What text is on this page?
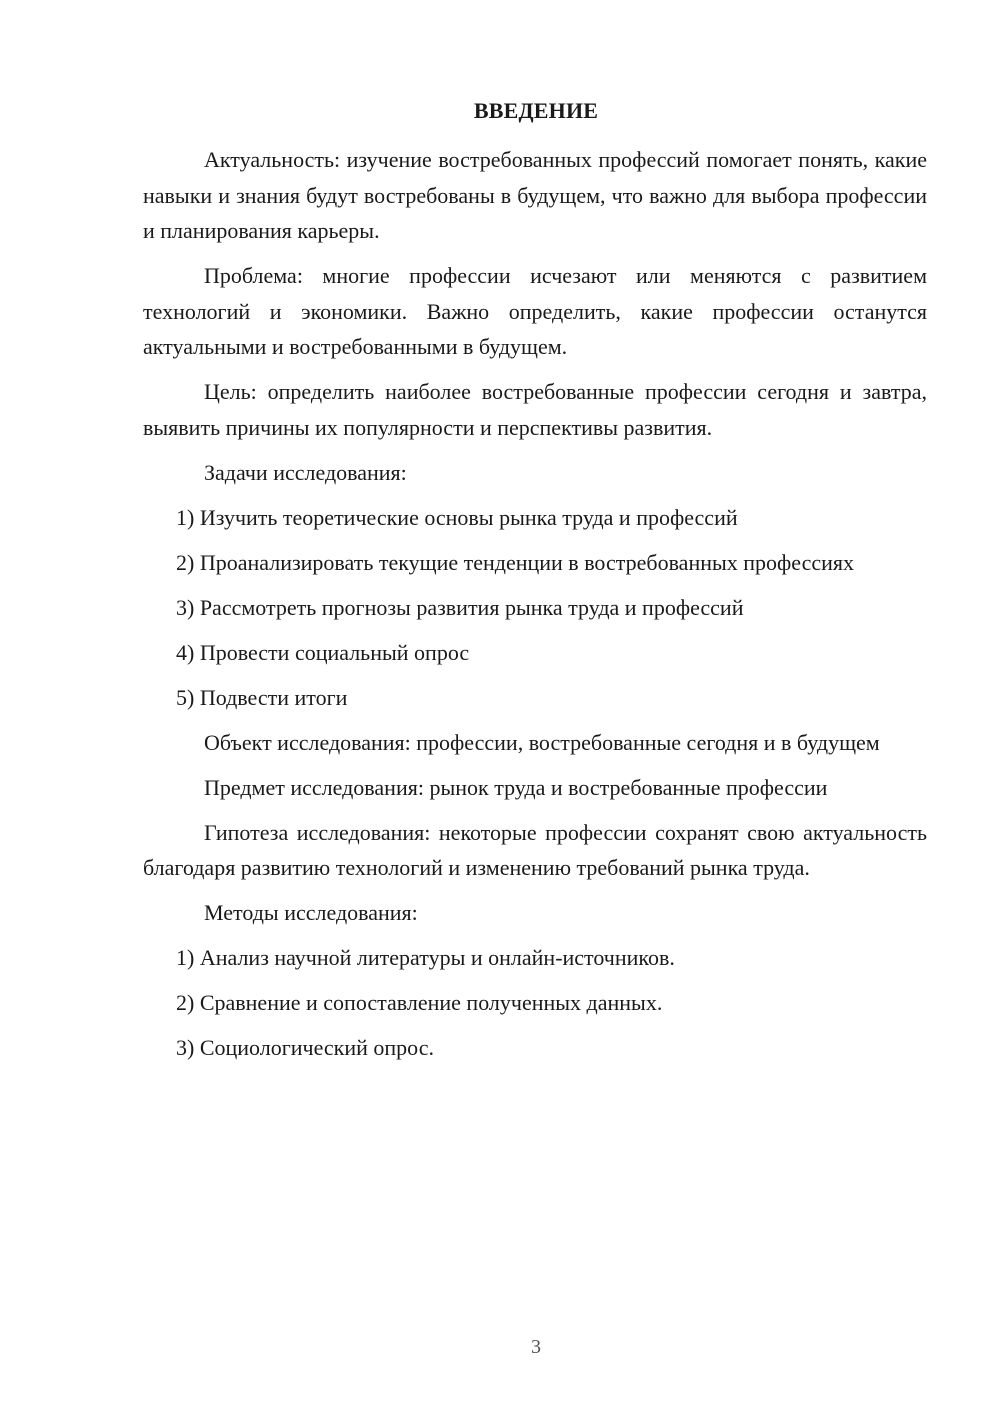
ВВЕДЕНИЕ

Актуальность: изучение востребованных профессий помогает понять, какие навыки и знания будут востребованы в будущем, что важно для выбора профессии и планирования карьеры.

Проблема: многие профессии исчезают или меняются с развитием технологий и экономики. Важно определить, какие профессии останутся актуальными и востребованными в будущем.

Цель: определить наиболее востребованные профессии сегодня и завтра, выявить причины их популярности и перспективы развития.

Задачи исследования:

1) Изучить теоретические основы рынка труда и профессий

2) Проанализировать текущие тенденции в востребованных профессиях

3) Рассмотреть прогнозы развития рынка труда и профессий

4) Провести социальный опрос

5) Подвести итоги

Объект исследования: профессии, востребованные сегодня и в будущем

Предмет исследования: рынок труда и востребованные профессии

Гипотеза исследования: некоторые профессии сохранят свою актуальность благодаря развитию технологий и изменению требований рынка труда.

Методы исследования:

1) Анализ научной литературы и онлайн-источников.

2) Сравнение и сопоставление полученных данных.

3) Социологический опрос.

3
